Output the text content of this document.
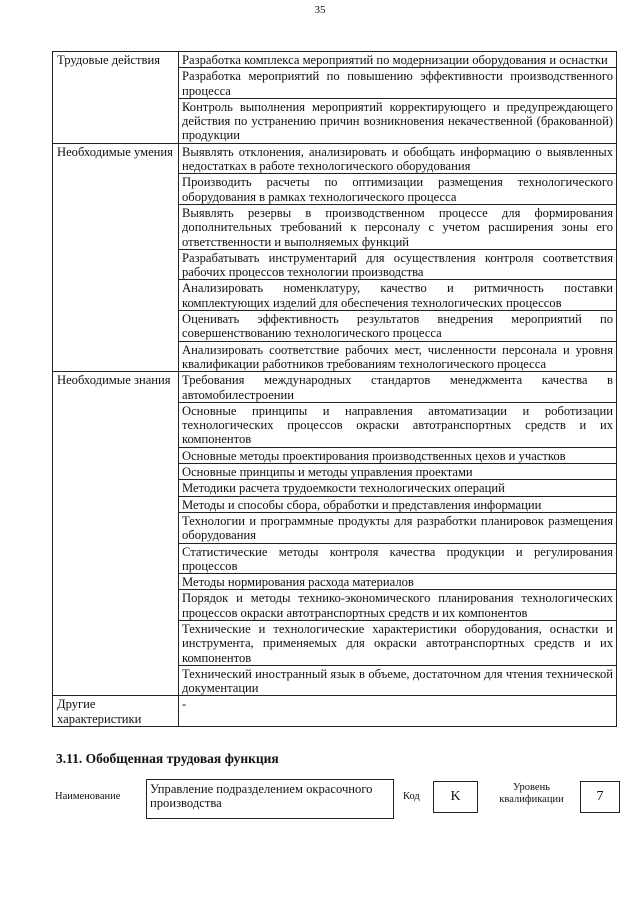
35
Трудовые действия	Разработка комплекса мероприятий по модернизации оборудования и оснастки
	Разработка мероприятий по повышению эффективности производственного процесса
	Контроль выполнения мероприятий корректирующего и предупреждающего действия по устранению причин возникновения некачественной (бракованной) продукции
Необходимые умения	Выявлять отклонения, анализировать и обобщать информацию о выявленных недостатках в работе технологического оборудования
	Производить расчеты по оптимизации размещения технологического оборудования в рамках технологического процесса
	Выявлять резервы в производственном процессе для формирования дополнительных требований к персоналу с учетом расширения зоны его ответственности и выполняемых функций
	Разрабатывать инструментарий для осуществления контроля соответствия рабочих процессов технологии производства
	Анализировать номенклатуру, качество и ритмичность поставки комплектующих изделий для обеспечения технологических процессов
	Оценивать эффективность результатов внедрения мероприятий по совершенствованию технологического процесса
	Анализировать соответствие рабочих мест, численности персонала и уровня квалификации работников требованиям технологического процесса
Необходимые знания	Требования международных стандартов менеджмента качества в автомобилестроении
	Основные принципы и направления автоматизации и роботизации технологических процессов окраски автотранспортных средств и их компонентов
	Основные методы проектирования производственных цехов и участков
	Основные принципы и методы управления проектами
	Методики расчета трудоемкости технологических операций
	Методы и способы сбора, обработки и представления информации
	Технологии и программные продукты для разработки планировок размещения оборудования
	Статистические методы контроля качества продукции и регулирования процессов
	Методы нормирования расхода материалов
	Порядок и методы технико-экономического планирования технологических процессов окраски автотранспортных средств и их компонентов
	Технические и технологические характеристики оборудования, оснастки и инструмента, применяемых для окраски автотранспортных средств и их компонентов
	Технический иностранный язык в объеме, достаточном для чтения технической документации
Другие характеристики	-
3.11. Обобщенная трудовая функция
Наименование
Управление подразделением окрасочного производства	Код	K
Уровень квалификации	7
